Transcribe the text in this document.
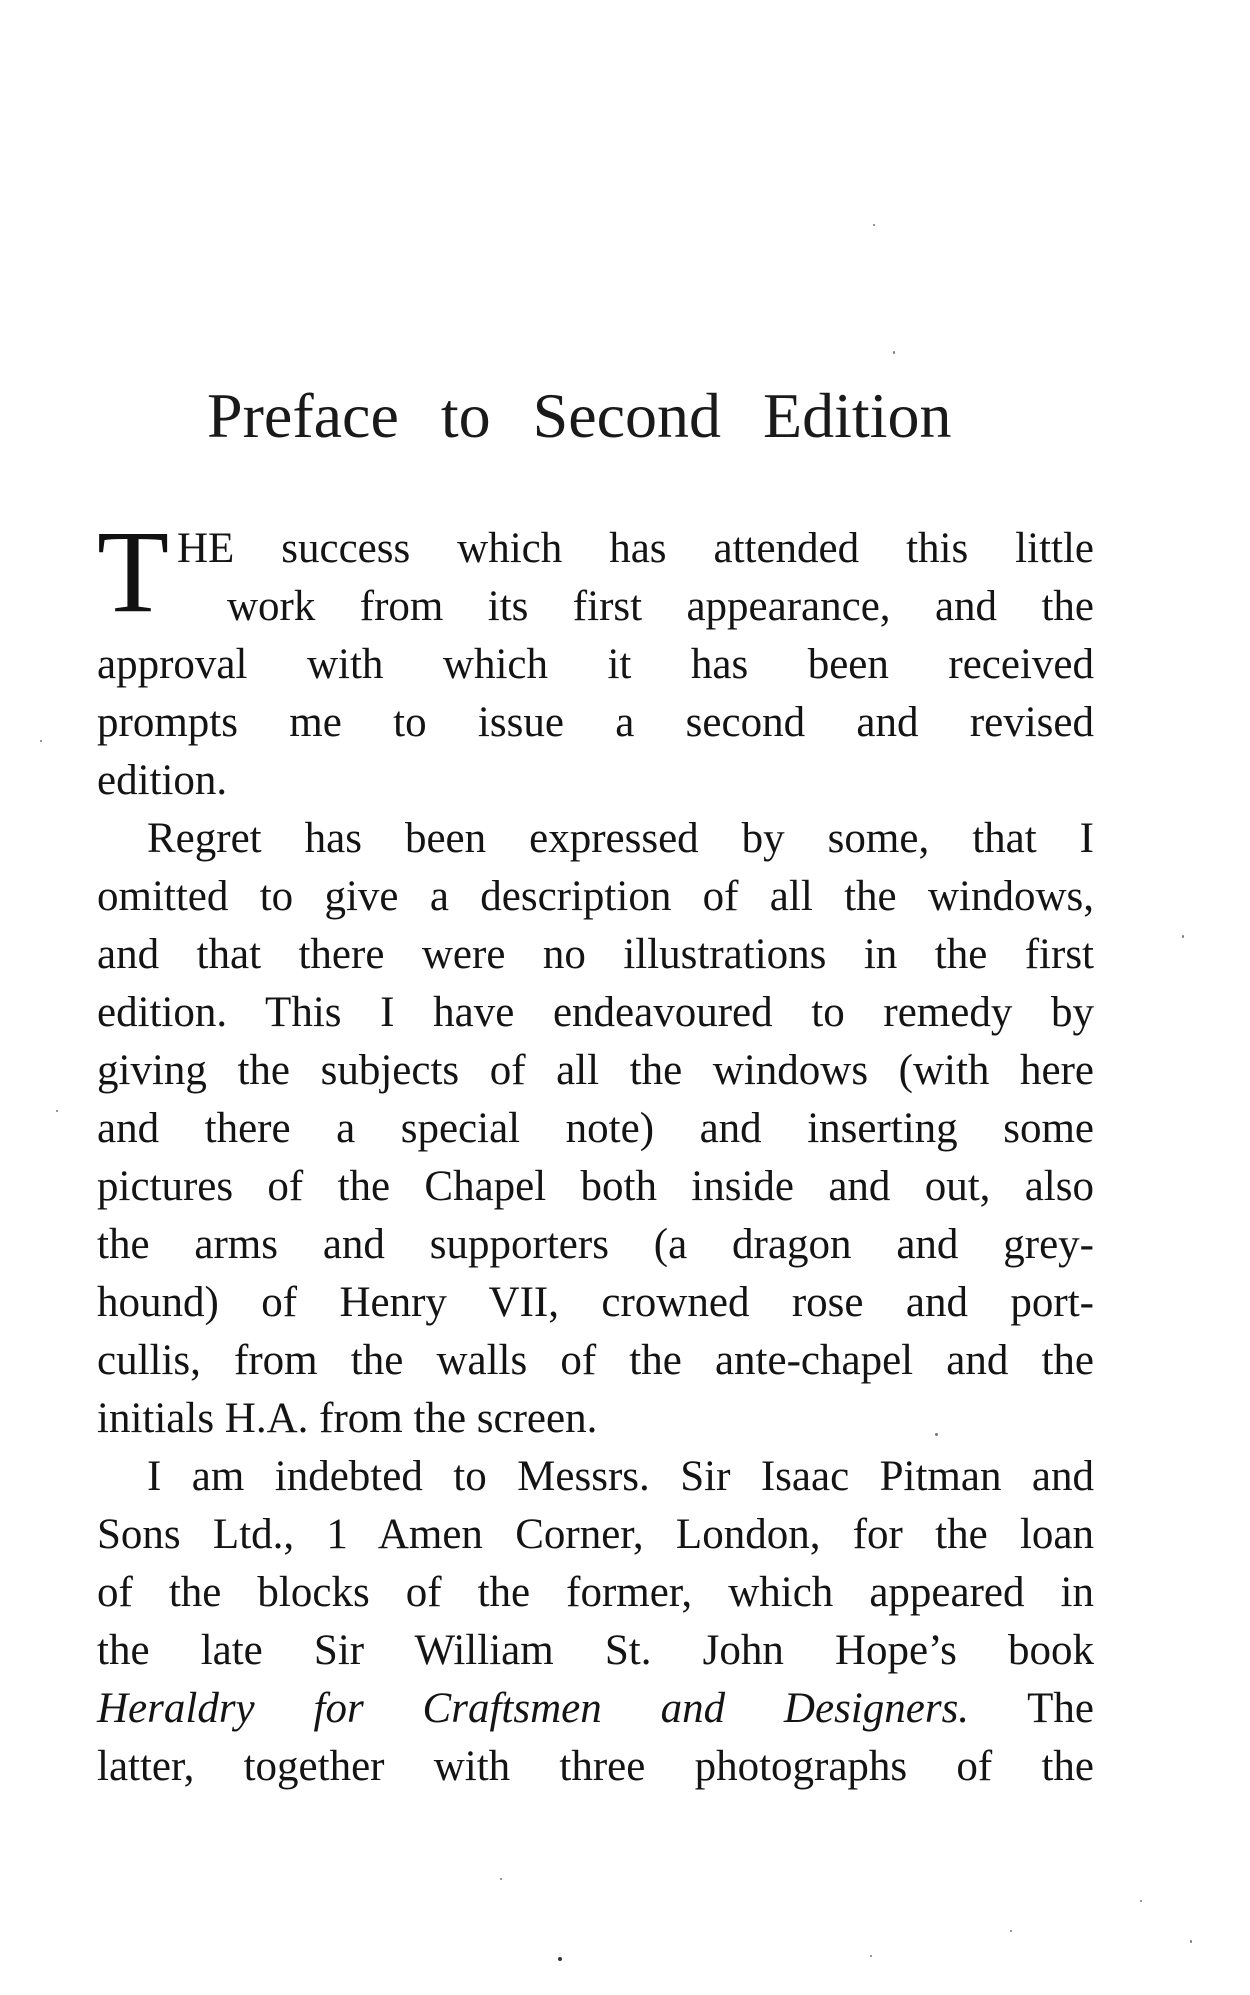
Preface to Second Edition
T HE success which has attended this little
work from its first appearance, and the
approval with which it has been received
prompts me to issue a second and revised
edition.
Regret has been expressed by some, that I
omitted to give a description of all the windows,
and that there were no illustrations in the first
edition. This I have endeavoured to remedy by
giving the subjects of all the windows (with here
and there a special note) and inserting some
pictures of the Chapel both inside and out, also
the arms and supporters (a dragon and grey-
hound) of Henry VII, crowned rose and port-
cullis, from the walls of the ante-chapel and the
initials H.A. from the screen.
I am indebted to Messrs. Sir Isaac Pitman and
Sons Ltd., 1 Amen Corner, London, for the loan
of the blocks of the former, which appeared in
the late Sir William St. John Hope’s book
Heraldry for Craftsmen and Designers. The
latter, together with three photographs of the
